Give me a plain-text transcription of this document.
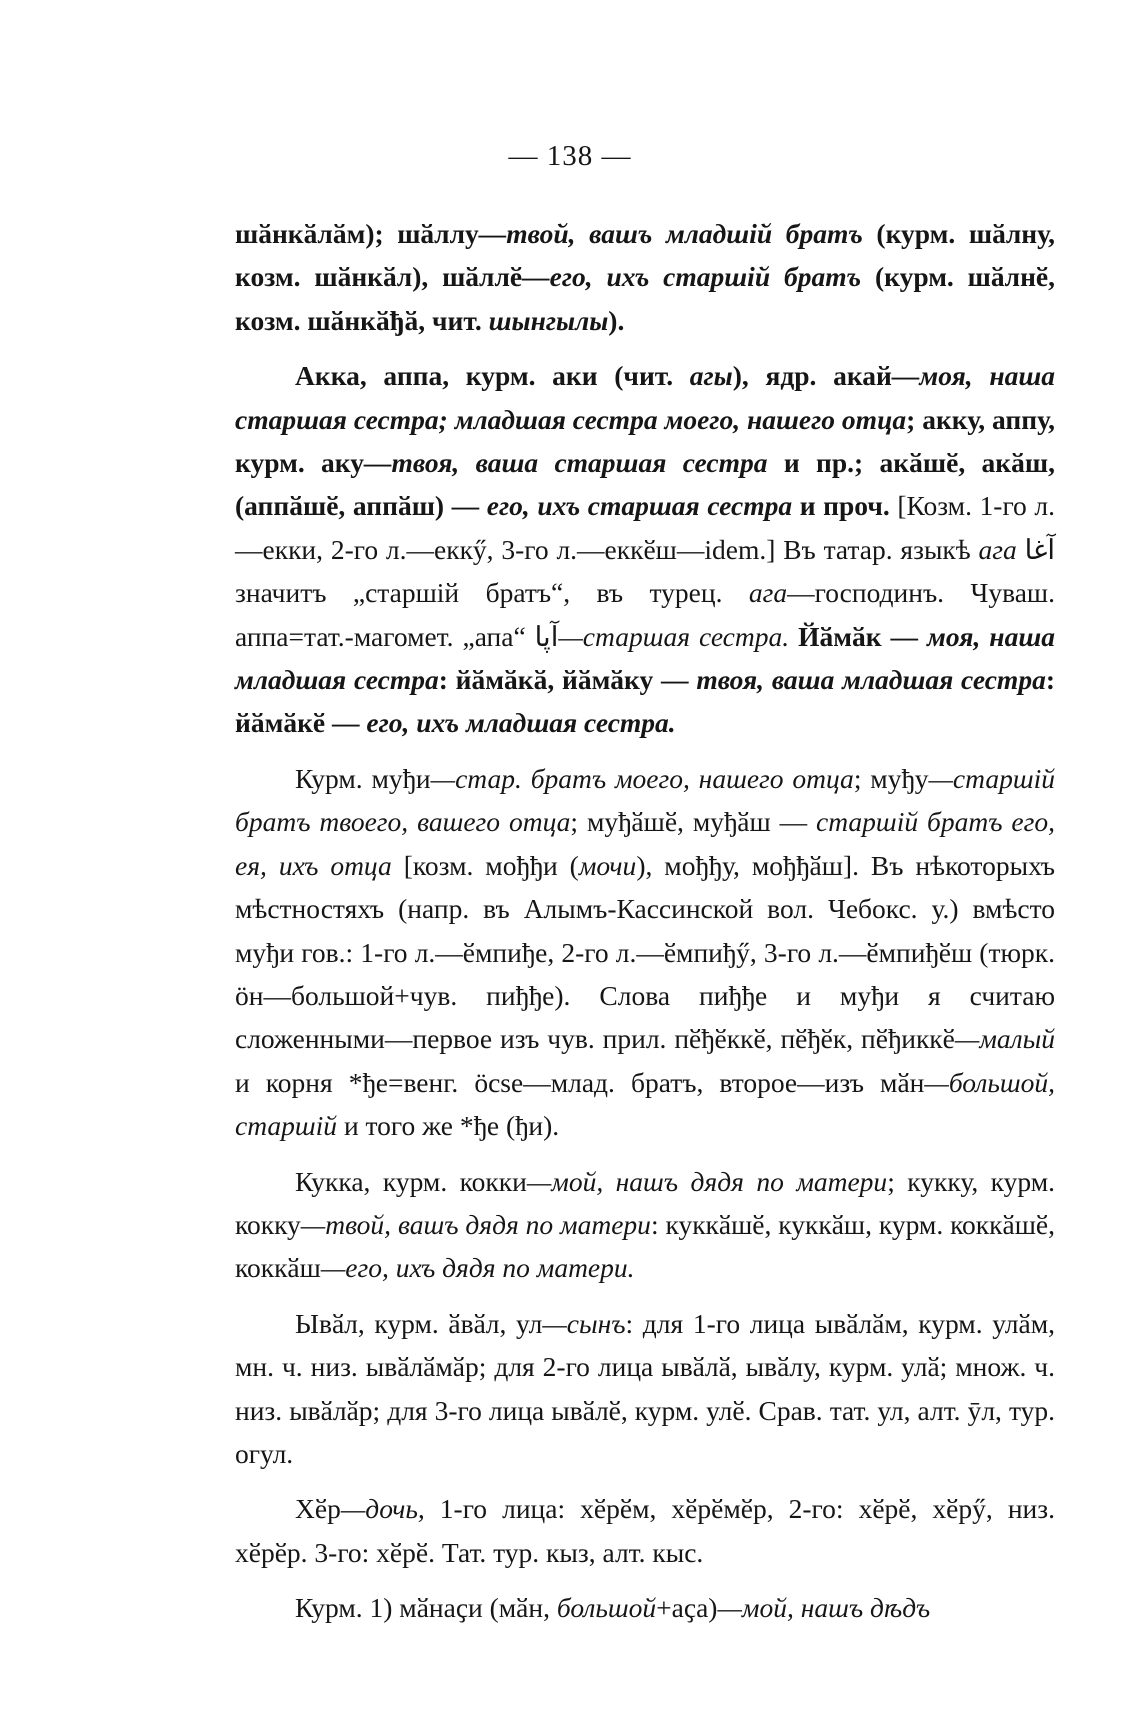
— 138 —

шӑнкӑлӑм); шӑллу—твой, вашъ младшій братъ (курм. шӑлну, козм. шӑнкӑл), шӑллӗ—его, ихъ старшій братъ (курм. шӑлнӗ, козм. шӑнкӑђӑ, чит. шынгылы).

Акка, аппа, курм. аки (чит. агы), ядр. акай—моя, наша старшая сестра; младшая сестра моего, нашего отца; акку, аппу, курм. аку—твоя, ваша старшая сестра и пр.; акӑшӗ, акӑш, (аппӑшӗ, аппӑш) — его, ихъ старшая сестра и проч. [Козм. 1-го л.—екки, 2-го л.—еккӳ, 3-го л.—еккӗш—idem.] Въ татар. языкѣ ага آغا значитъ „старшій братъ“, въ турец. ага—господинъ. Чуваш. аппа=тат.-магомет. „апа“ آپا—старшая сестра. Йӑмӑк — моя, наша младшая сестра: йӑмӑкӑ, йӑмӑку — твоя, ваша младшая сестра: йӑмӑкӗ — его, ихъ младшая сестра.

Курм. муђи—стар. братъ моего, нашего отца; муђу—старшій братъ твоего, вашего отца; муђӑшӗ, муђӑш — старшій братъ его, ея, ихъ отца [козм. мођђи (мочи), мођђу, мођђӑш]. Въ нѣкоторыхъ мѣстностяхъ (напр. въ Алымъ-Кассинской вол. Чебокс. у.) вмѣсто муђи гов.: 1-го л.—ӗмпиђе, 2-го л.—ӗмпиђӳ, 3-го л.—ӗмпиђӗш (тюрк. öн—большой+чув. пиђђе). Слова пиђђе и муђи я считаю сложенными—первое изъ чув. прил. пӗђӗккӗ, пӗђӗк, пӗђиккӗ—малый и корня *ђе=венг. öcse—млад. братъ, второе—изъ мӑн—большой, старшій и того же *ђе (ђи).

Кукка, курм. кокки—мой, нашъ дядя по матери; кукку, курм. кокку—твой, вашъ дядя по матери: куккӑшӗ, куккӑш, курм. коккӑшӗ, коккӑш—его, ихъ дядя по матери.

Ывӑл, курм. ӑвӑл, ул—сынъ: для 1-го лица ывӑлӑм, курм. улӑм, мн. ч. низ. ывӑлӑмӑр; для 2-го лица ывӑлӑ, ывӑлу, курм. улӑ; множ. ч. низ. ывӑлӑр; для 3-го лица ывӑлӗ, курм. улӗ. Срав. тат. ул, алт. ӯл, тур. огул.

Хӗр—дочь, 1-го лица: хӗрӗм, хӗрӗмӗр, 2-го: хӗрӗ, хӗрӳ, низ. хӗрӗр. 3-го: хӗрӗ. Тат. тур. кыз, алт. кыс.

Курм. 1) мӑнаҫи (мӑн, большой+аҫа)—мой, нашъ дѣдъ
